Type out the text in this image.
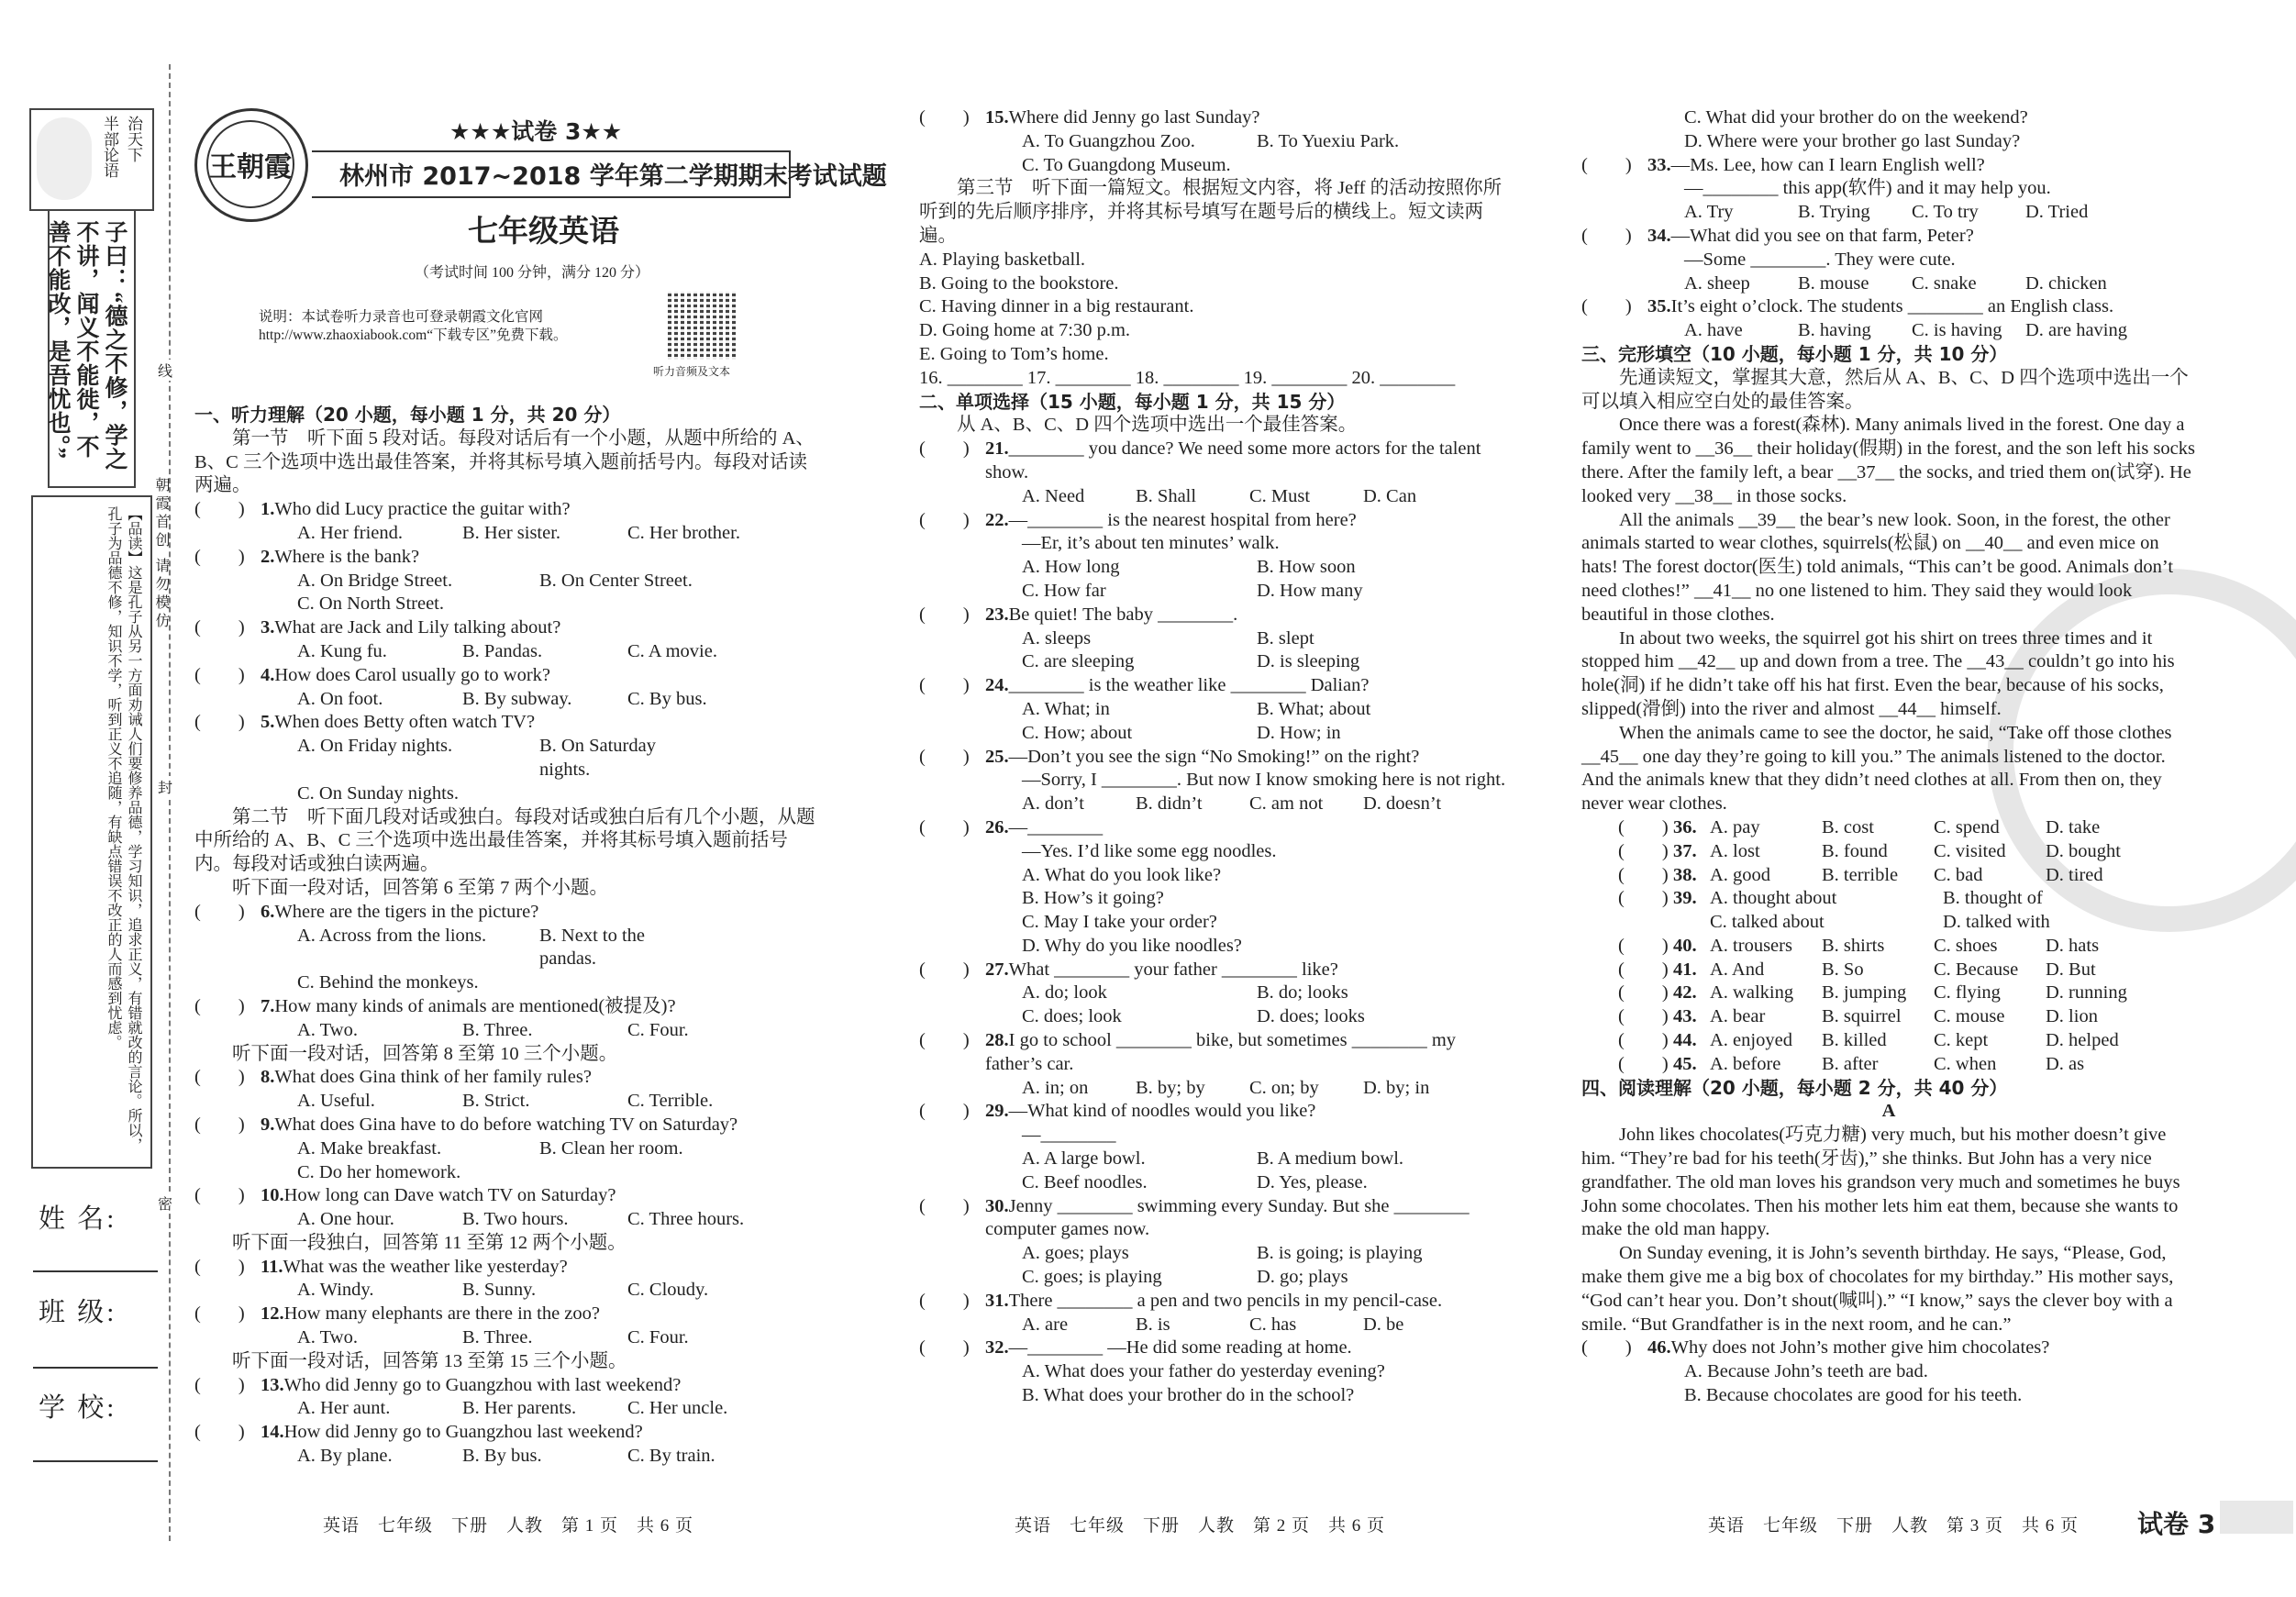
半部论语
治天下
子曰：“德之不修，学之不讲，闻义不能徙，不善不能改，是吾忧也。”
朝霞首创 请勿模仿
【品读】这是孔子从另一方面劝诫人们要修养品德，学习知识，追求正义，有错就改的言论。所以，孔子为品德不修，知识不学，听到正义不追随，有缺点错误不改正的人而感到忧虑。
线
封
密
姓 名:
班 级:
学 校:
王朝霞
★★★试卷 3★★
林州市 2017~2018 学年第二学期期末考试试题
七年级英语
（考试时间 100 分钟，满分 120 分）
说明：本试卷听力录音也可登录朝霞文化官网 http://www.zhaoxiabook.com“下载专区”免费下载。
听力音频及文本

一、听力理解（20 小题，每小题 1 分，共 20 分）

第一节　听下面 5 段对话。每段对话后有一个小题，从题中所给的 A、B、C 三个选项中选出最佳答案，并将其标号填入题前括号内。每段对话读两遍。

(　　) 1.Who did Lucy practice the guitar with?

A. Her friend.	B. Her sister.	C. Her brother.

(　　) 2.Where is the bank?

A. On Bridge Street.	B. On Center Street.

C. On North Street.

(　　) 3.What are Jack and Lily talking about?

A. Kung fu.	B. Pandas.	C. A movie.

(　　) 4.How does Carol usually go to work?

A. On foot.	B. By subway.	C. By bus.

(　　) 5.When does Betty often watch TV?

A. On Friday nights.	B. On Saturday nights.

C. On Sunday nights.

第二节　听下面几段对话或独白。每段对话或独白后有几个小题，从题中所给的 A、B、C 三个选项中选出最佳答案，并将其标号填入题前括号内。每段对话或独白读两遍。

听下面一段对话，回答第 6 至第 7 两个小题。

(　　) 6.Where are the tigers in the picture?

A. Across from the lions.	B. Next to the pandas.

C. Behind the monkeys.

(　　) 7.How many kinds of animals are mentioned(被提及)?

A. Two.	B. Three.	C. Four.

听下面一段对话，回答第 8 至第 10 三个小题。

(　　) 8.What does Gina think of her family rules?

A. Useful.	B. Strict.	C. Terrible.

(　　) 9.What does Gina have to do before watching TV on Saturday?

A. Make breakfast.	B. Clean her room.

C. Do her homework.

(　　) 10.How long can Dave watch TV on Saturday?

A. One hour.	B. Two hours.	C. Three hours.

听下面一段独白，回答第 11 至第 12 两个小题。

(　　) 11.What was the weather like yesterday?

A. Windy.	B. Sunny.	C. Cloudy.

(　　) 12.How many elephants are there in the zoo?

A. Two.	B. Three.	C. Four.

听下面一段对话，回答第 13 至第 15 三个小题。

(　　) 13.Who did Jenny go to Guangzhou with last weekend?

A. Her aunt.	B. Her parents.	C. Her uncle.

(　　) 14.How did Jenny go to Guangzhou last weekend?

A. By plane.	B. By bus.	C. By train.

(　　) 15.Where did Jenny go last Sunday?

A. To Guangzhou Zoo.	B. To Yuexiu Park.

C. To Guangdong Museum.

第三节　听下面一篇短文。根据短文内容，将 Jeff 的活动按照你所听到的先后顺序排序，并将其标号填写在题号后的横线上。短文读两遍。

A. Playing basketball.

B. Going to the bookstore.

C. Having dinner in a big restaurant.

D. Going home at 7:30 p.m.

E. Going to Tom’s home.

16. ________ 17. ________ 18. ________ 19. ________ 20. ________

二、单项选择（15 小题，每小题 1 分，共 15 分）

从 A、B、C、D 四个选项中选出一个最佳答案。

(　　) 21.________ you dance? We need some more actors for the talent show.

A. Need	B. Shall	C. Must	D. Can

(　　) 22.—________ is the nearest hospital from here?

—Er, it’s about ten minutes’ walk.

A. How long	B. How soon

C. How far	D. How many

(　　) 23.Be quiet! The baby ________.

A. sleeps	B. slept

C. are sleeping	D. is sleeping

(　　) 24.________ is the weather like ________ Dalian?

A. What; in	B. What; about

C. How; about	D. How; in

(　　) 25.—Don’t you see the sign “No Smoking!” on the right?

—Sorry, I ________. But now I know smoking here is not right.

A. don’t	B. didn’t	C. am not	D. doesn’t

(　　) 26.—________

—Yes. I’d like some egg noodles.

A. What do you look like?

B. How’s it going?

C. May I take your order?

D. Why do you like noodles?

(　　) 27.What ________ your father ________ like?

A. do; look	B. do; looks

C. does; look	D. does; looks

(　　) 28.I go to school ________ bike, but sometimes ________ my father’s car.

A. in; on	B. by; by	C. on; by	D. by; in

(　　) 29.—What kind of noodles would you like?

—________

A. A large bowl.	B. A medium bowl.

C. Beef noodles.	D. Yes, please.

(　　) 30.Jenny ________ swimming every Sunday. But she ________ computer games now.

A. goes; plays	B. is going; is playing

C. goes; is playing	D. go; plays

(　　) 31.There ________ a pen and two pencils in my pencil-case.

A. are	B. is	C. has	D. be

(　　) 32.—________ —He did some reading at home.

A. What does your father do yesterday evening?

B. What does your brother do in the school?

C. What did your brother do on the weekend?

D. Where were your brother go last Sunday?

(　　) 33.—Ms. Lee, how can I learn English well?

—________ this app(软件) and it may help you.

A. Try	B. Trying	C. To try	D. Tried

(　　) 34.—What did you see on that farm, Peter?

—Some ________. They were cute.

A. sheep	B. mouse	C. snake	D. chicken

(　　) 35.It’s eight o’clock. The students ________ an English class.

A. have	B. having	C. is having	D. are having

三、完形填空（10 小题，每小题 1 分，共 10 分）

先通读短文，掌握其大意，然后从 A、B、C、D 四个选项中选出一个可以填入相应空白处的最佳答案。

Once there was a forest(森林). Many animals lived in the forest. One day a family went to __36__ their holiday(假期) in the forest, and the son left his socks there. After the family left, a bear __37__ the socks, and tried them on(试穿). He looked very __38__ in those socks.

All the animals __39__ the bear’s new look. Soon, in the forest, the other animals started to wear clothes, squirrels(松鼠) on __40__ and even mice on hats! The forest doctor(医生) told animals, “This can’t be good. Animals don’t need clothes!” __41__ no one listened to him. They said they would look beautiful in those clothes.

In about two weeks, the squirrel got his shirt on trees three times and it stopped him __42__ up and down from a tree. The __43__ couldn’t go into his hole(洞) if he didn’t take off his hat first. Even the bear, because of his socks, slipped(滑倒) into the river and almost __44__ himself.

When the animals came to see the doctor, he said, “Take off those clothes __45__ one day they’re going to kill you.” The animals listened to the doctor. And the animals knew that they didn’t need clothes at all. From then on, they never wear clothes.

(　　) 36. A. pay	B. cost	C. spend	D. take

(　　) 37. A. lost	B. found	C. visited	D. bought

(　　) 38. A. good	B. terrible	C. bad	D. tired

(　　) 39. A. thought about	B. thought of

C. talked about	D. talked with

(　　) 40. A. trousers	B. shirts	C. shoes	D. hats

(　　) 41. A. And	B. So	C. Because	D. But

(　　) 42. A. walking	B. jumping	C. flying	D. running

(　　) 43. A. bear	B. squirrel	C. mouse	D. lion

(　　) 44. A. enjoyed	B. killed	C. kept	D. helped

(　　) 45. A. before	B. after	C. when	D. as

四、阅读理解（20 小题，每小题 2 分，共 40 分）

A

John likes chocolates(巧克力糖) very much, but his mother doesn’t give him. “They’re bad for his teeth(牙齿),” she thinks. But John has a very nice grandfather. The old man loves his grandson very much and sometimes he buys John some chocolates. Then his mother lets him eat them, because she wants to make the old man happy.

On Sunday evening, it is John’s seventh birthday. He says, “Please, God, make them give me a big box of chocolates for my birthday.” His mother says, “God can’t hear you. Don’t shout(喊叫).” “I know,” says the clever boy with a smile. “But Grandfather is in the next room, and he can.”

(　　) 46.Why does not John’s mother give him chocolates?

A. Because John’s teeth are bad.

B. Because chocolates are good for his teeth.

英语　七年级　下册　人教　第 1 页　共 6 页	英语　七年级　下册　人教　第 2 页　共 6 页	英语　七年级　下册　人教　第 3 页　共 6 页 试卷 3
